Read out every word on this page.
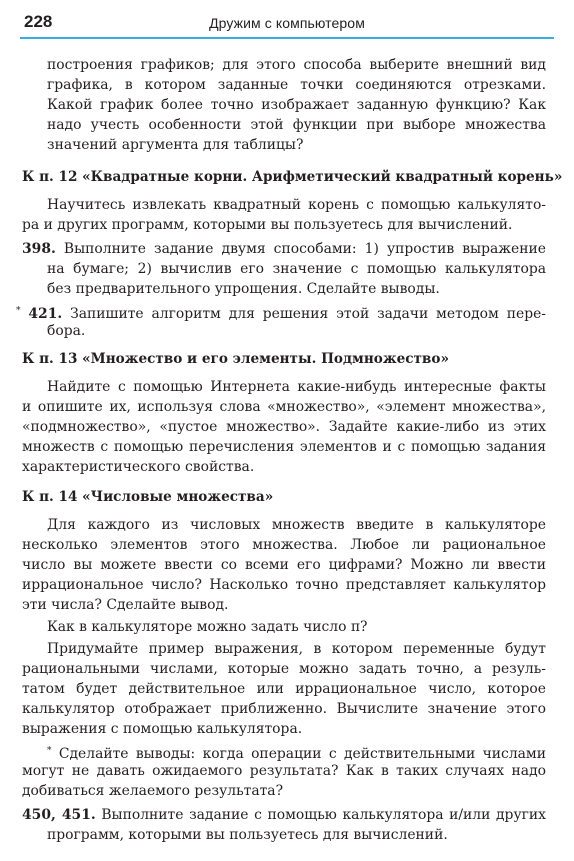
228	Дружим с компьютером
построения графиков; для этого способа выберите внешний вид
графика, в котором заданные точки соединяются отрезками.
Какой график более точно изображает заданную функцию? Как
надо учесть особенности этой функции при выборе множества
значений аргумента для таблицы?
К п. 12 «Квадратные корни. Арифметический квадратный корень»
Научитесь извлекать квадратный корень с помощью калькулято-
ра и других программ, которыми вы пользуетесь для вычислений.
398. Выполните задание двумя способами: 1) упростив выражение
на бумаге; 2) вычислив его значение с помощью калькулятора
без предварительного упрощения. Сделайте выводы.
* 421. Запишите алгоритм для решения этой задачи методом пере-
бора.
К п. 13 «Множество и его элементы. Подмножество»
Найдите с помощью Интернета какие-нибудь интересные факты
и опишите их, используя слова «множество», «элемент множества»,
«подмножество», «пустое множество». Задайте какие-либо из этих
множеств с помощью перечисления элементов и с помощью задания
характеристического свойства.
К п. 14 «Числовые множества»
Для каждого из числовых множеств введите в калькуляторе
несколько элементов этого множества. Любое ли рациональное
число вы можете ввести со всеми его цифрами? Можно ли ввести
иррациональное число? Насколько точно представляет калькулятор
эти числа? Сделайте вывод.
Как в калькуляторе можно задать число π?
Придумайте пример выражения, в котором переменные будут
рациональными числами, которые можно задать точно, а резуль-
татом будет действительное или иррациональное число, которое
калькулятор отображает приближенно. Вычислите значение этого
выражения с помощью калькулятора.
* Сделайте выводы: когда операции с действительными числами
могут не давать ожидаемого результата? Как в таких случаях надо
добиваться желаемого результата?
450, 451. Выполните задание с помощью калькулятора и/или других
программ, которыми вы пользуетесь для вычислений.
